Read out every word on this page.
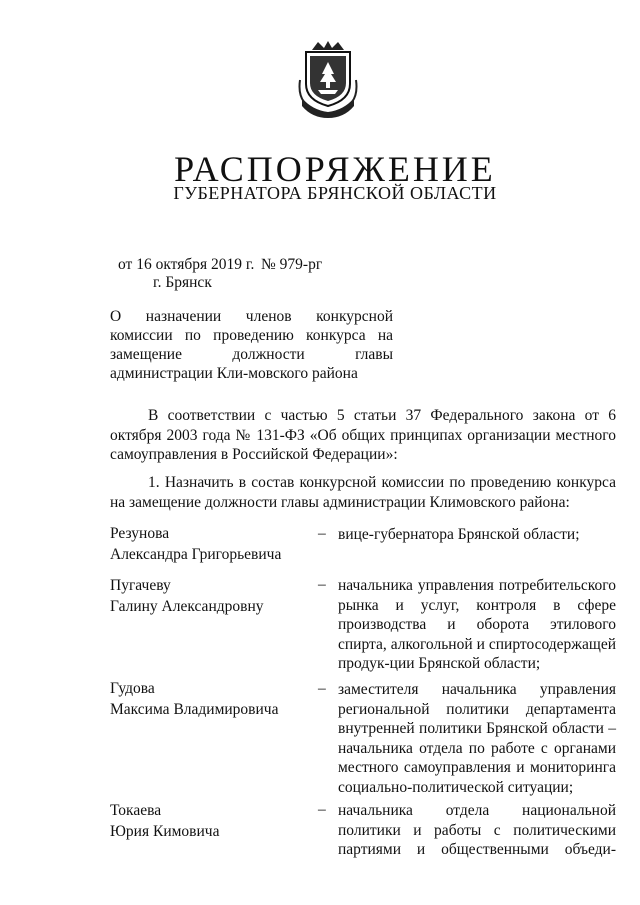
РАСПОРЯЖЕНИЕ
ГУБЕРНАТОРА БРЯНСКОЙ ОБЛАСТИ
от 16 октября 2019 г. № 979-рг
г. Брянск
О назначении членов конкурсной комиссии по проведению конкурса на замещение должности главы администрации Кли-мовского района
В соответствии с частью 5 статьи 37 Федерального закона от 6 октября 2003 года № 131-ФЗ «Об общих принципах организации местного самоуправления в Российской Федерации»:
1. Назначить в состав конкурсной комиссии по проведению конкурса на замещение должности главы администрации Климовского района:
Резунова
Александра Григорьевича
– вице-губернатора Брянской области;
Пугачеву
Галину Александровну
– начальника управления потребительского рынка и услуг, контроля в сфере производства и оборота этилового спирта, алкогольной и спиртосодержащей продук-ции Брянской области;
Гудова
Максима Владимировича
– заместителя начальника управления региональной политики департамента внутренней политики Брянской области – начальника отдела по работе с органами местного самоуправления и мониторинга социально-политической ситуации;
Токаева
Юрия Кимовича
– начальника отдела национальной политики и работы с политическими партиями и общественными объеди-
